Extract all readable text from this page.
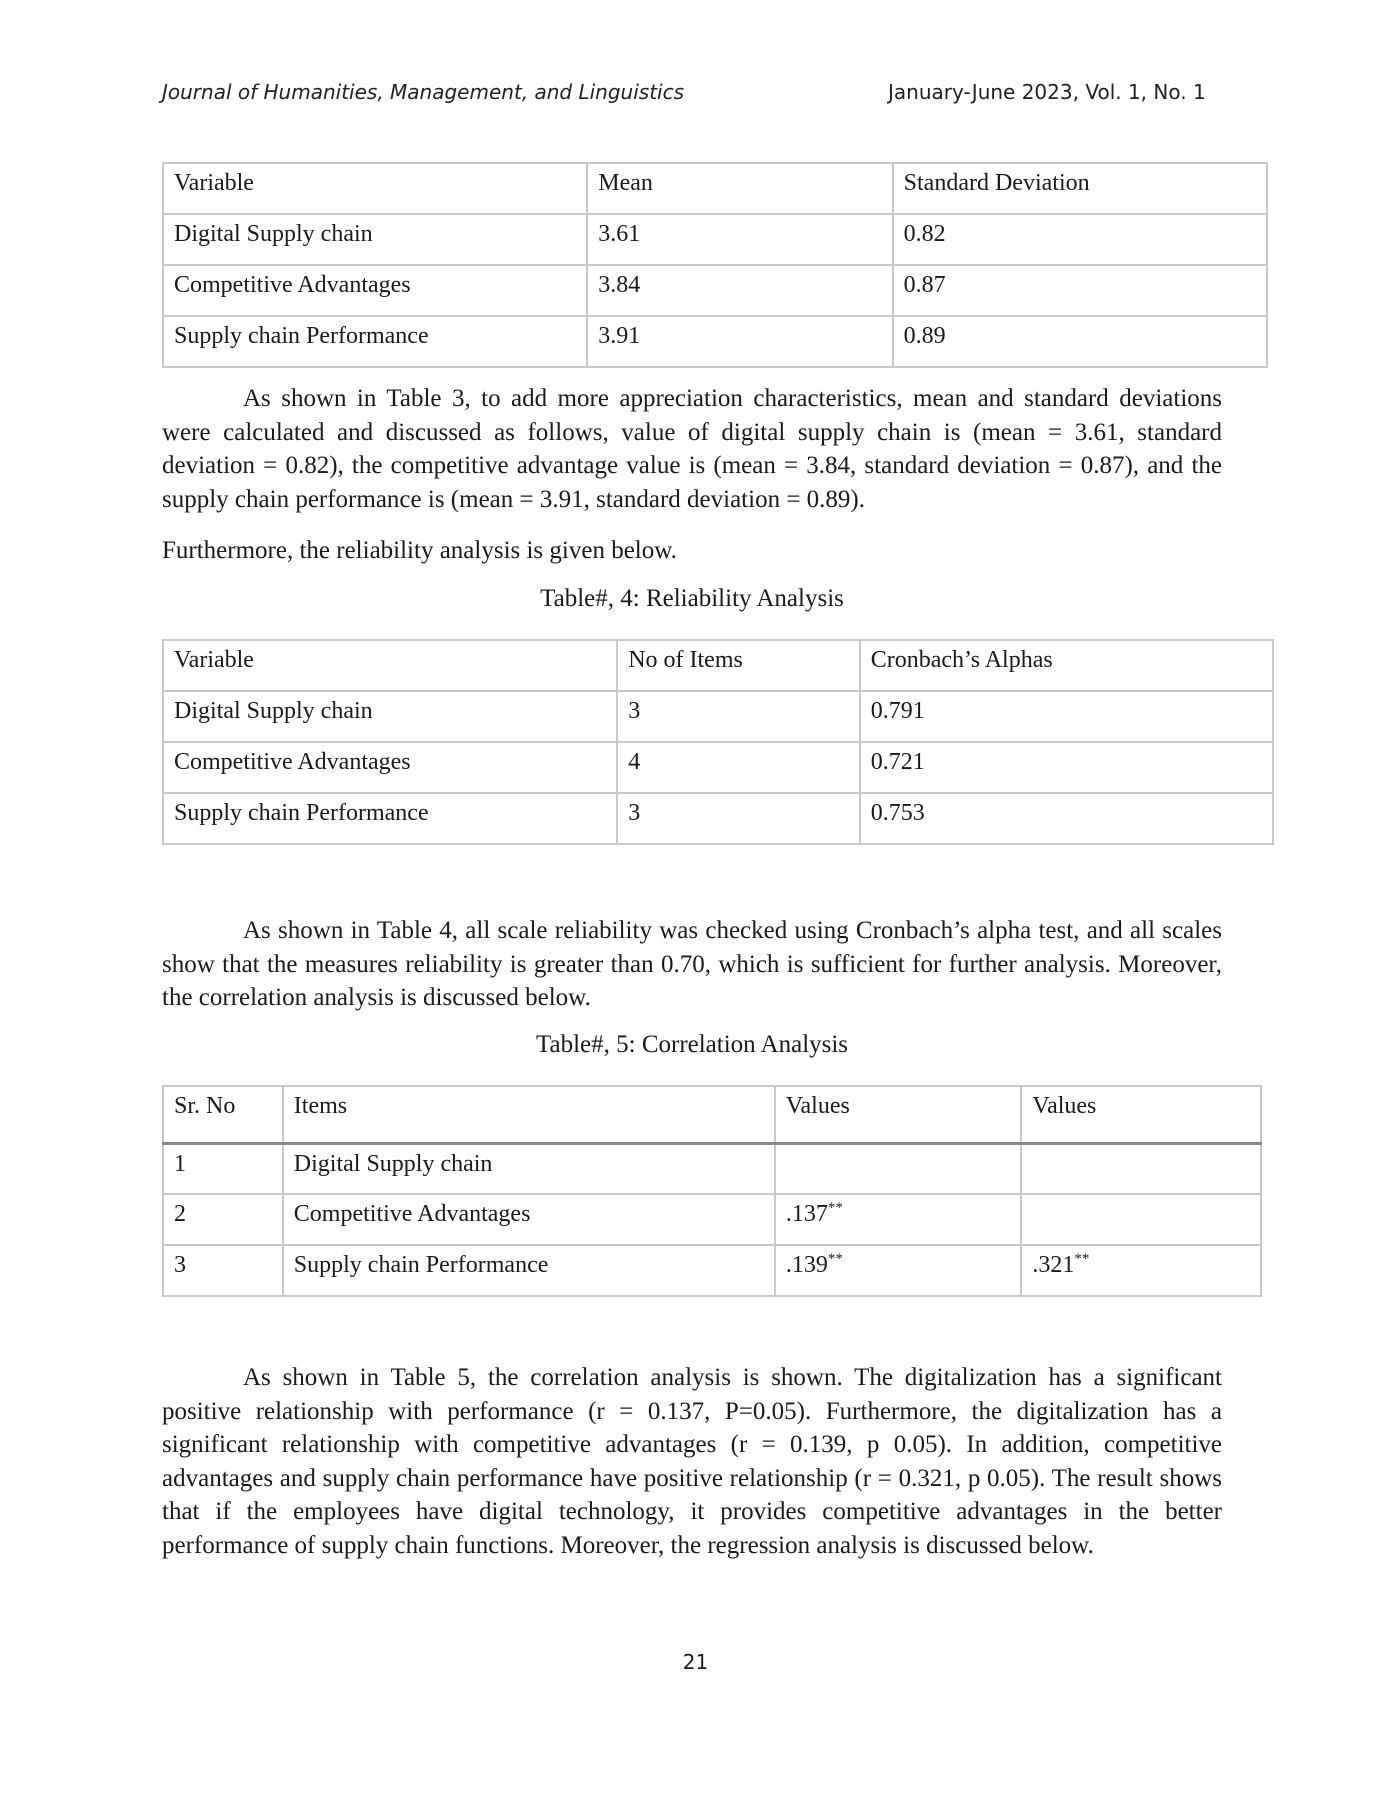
Journal of Humanities, Management, and Linguistics	January-June 2023, Vol. 1, No. 1
Variable	Mean	Standard Deviation
Digital Supply chain	3.61	0.82
Competitive Advantages	3.84	0.87
Supply chain Performance	3.91	0.89

As shown in Table 3, to add more appreciation characteristics, mean and standard deviations were calculated and discussed as follows, value of digital supply chain is (mean = 3.61, standard deviation = 0.82), the competitive advantage value is (mean = 3.84, standard deviation = 0.87), and the supply chain performance is (mean = 3.91, standard deviation = 0.89).

Furthermore, the reliability analysis is given below.

Table#, 4: Reliability Analysis

Variable	No of Items	Cronbach’s Alphas
Digital Supply chain	3	0.791
Competitive Advantages	4	0.721
Supply chain Performance	3	0.753

As shown in Table 4, all scale reliability was checked using Cronbach’s alpha test, and all scales show that the measures reliability is greater than 0.70, which is sufficient for further analysis. Moreover, the correlation analysis is discussed below.

Table#, 5: Correlation Analysis

Sr. No	Items	Values	Values
1	Digital Supply chain		
2	Competitive Advantages	.137**	
3	Supply chain Performance	.139**	.321**

As shown in Table 5, the correlation analysis is shown. The digitalization has a significant positive relationship with performance (r = 0.137, P=0.05). Furthermore, the digitalization has a significant relationship with competitive advantages (r = 0.139, p 0.05). In addition, competitive advantages and supply chain performance have positive relationship (r = 0.321, p 0.05). The result shows that if the employees have digital technology, it provides competitive advantages in the better performance of supply chain functions. Moreover, the regression analysis is discussed below.

21
